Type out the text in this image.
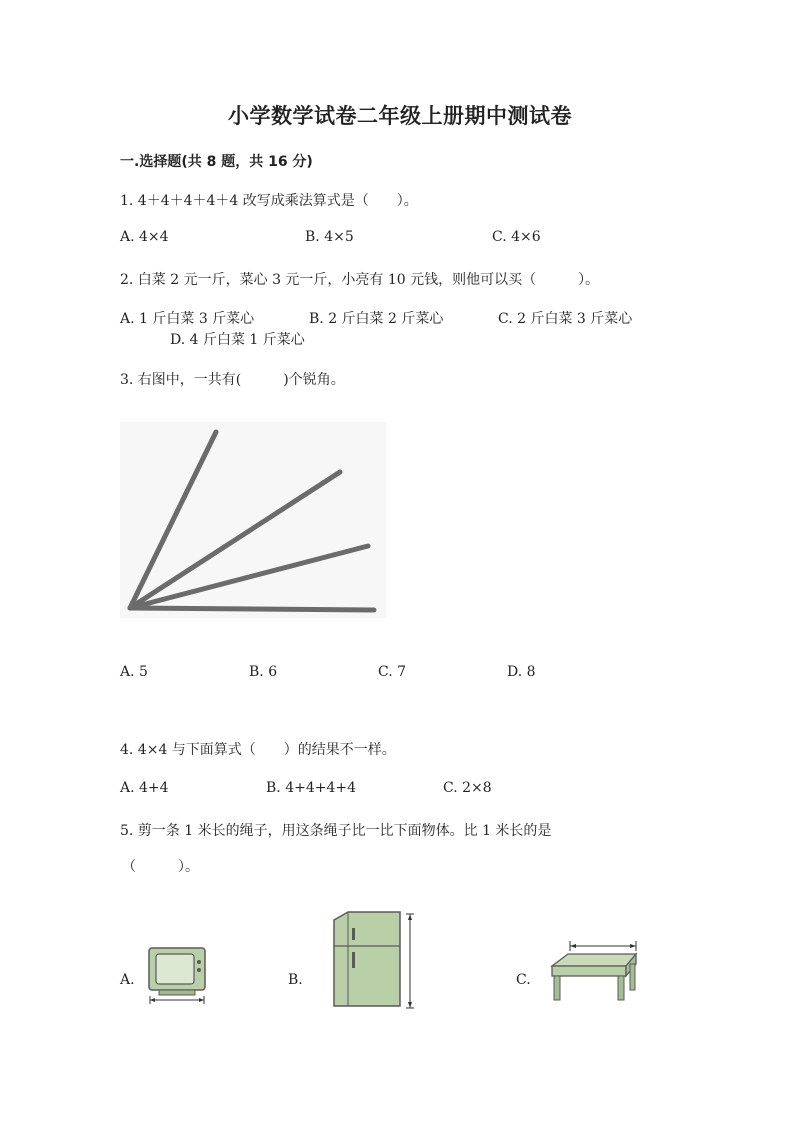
小学数学试卷二年级上册期中测试卷
一.选择题(共 8 题，共 16 分)
1. 4＋4＋4＋4＋4 改写成乘法算式是（　　）。
A. 4×4	B. 4×5	C. 4×6
2. 白菜 2 元一斤，菜心 3 元一斤，小亮有 10 元钱，则他可以买（　　　）。
A. 1 斤白菜 3 斤菜心	B. 2 斤白菜 2 斤菜心	C. 2 斤白菜 3 斤菜心
D. 4 斤白菜 1 斤菜心
3. 右图中，一共有(　　　)个锐角。
A. 5	B. 6	C. 7	D. 8
4. 4×4 与下面算式（　　）的结果不一样。
A. 4+4	B. 4+4+4+4	C. 2×8
5. 剪一条 1 米长的绳子，用这条绳子比一比下面物体。比 1 米长的是
（　　　）。
A.	B.	C.
